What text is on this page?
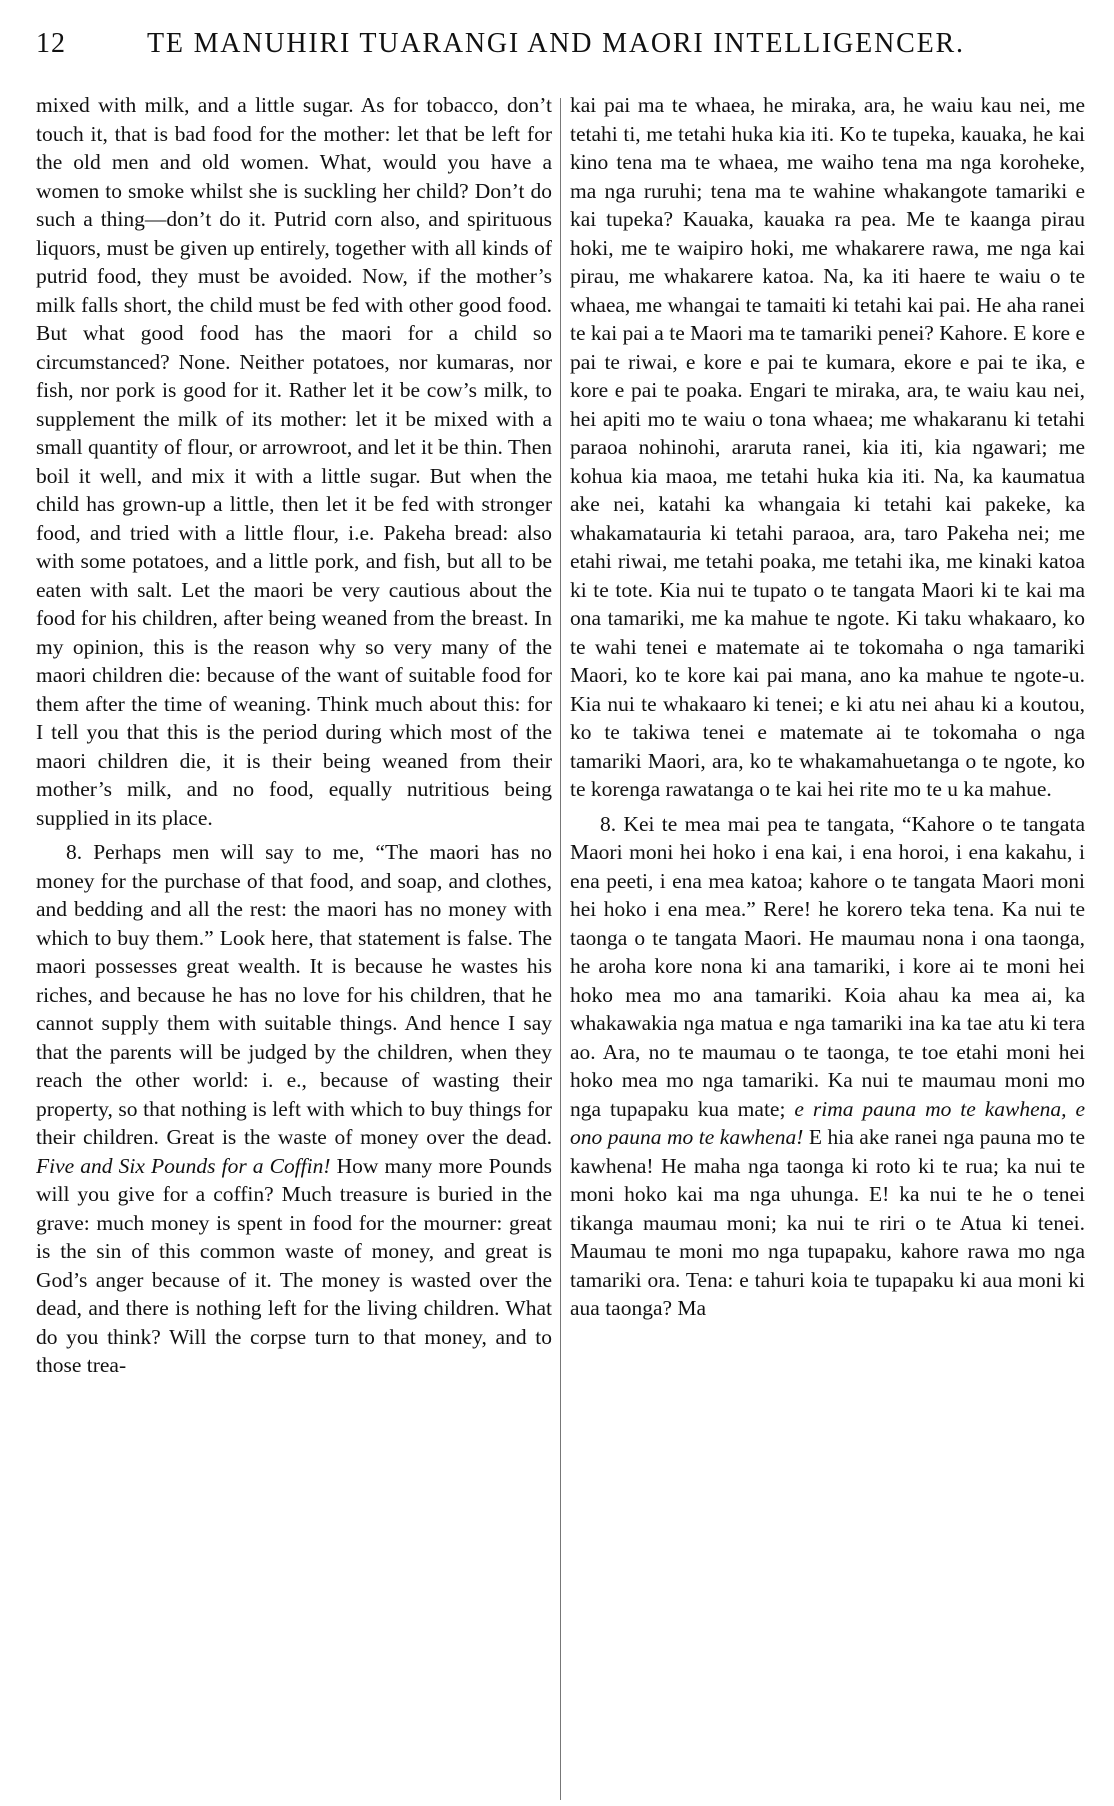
12	TE MANUHIRI TUARANGI AND MAORI INTELLIGENCER.

mixed with milk, and a little sugar. As for tobacco, don’t touch it, that is bad food for the mother: let that be left for the old men and old women. What, would you have a women to smoke whilst she is suckling her child? Don’t do such a thing—don’t do it. Putrid corn also, and spirituous liquors, must be given up entirely, together with all kinds of putrid food, they must be avoided. Now, if the mother’s milk falls short, the child must be fed with other good food. But what good food has the maori for a child so circumstanced? None. Neither potatoes, nor kumaras, nor fish, nor pork is good for it. Rather let it be cow’s milk, to supplement the milk of its mother: let it be mixed with a small quantity of flour, or arrowroot, and let it be thin. Then boil it well, and mix it with a little sugar. But when the child has grown-up a little, then let it be fed with stronger food, and tried with a little flour, i.e. Pakeha bread: also with some potatoes, and a little pork, and fish, but all to be eaten with salt. Let the maori be very cautious about the food for his children, after being weaned from the breast. In my opinion, this is the reason why so very many of the maori children die: because of the want of suitable food for them after the time of weaning. Think much about this: for I tell you that this is the period during which most of the maori children die, it is their being weaned from their mother’s milk, and no food, equally nutritious being supplied in its place.

8. Perhaps men will say to me, “The maori has no money for the purchase of that food, and soap, and clothes, and bedding and all the rest: the maori has no money with which to buy them.” Look here, that statement is false. The maori possesses great wealth. It is because he wastes his riches, and because he has no love for his children, that he cannot supply them with suitable things. And hence I say that the parents will be judged by the children, when they reach the other world: i. e., because of wasting their property, so that nothing is left with which to buy things for their children. Great is the waste of money over the dead. Five and Six Pounds for a Coffin! How many more Pounds will you give for a coffin? Much treasure is buried in the grave: much money is spent in food for the mourner: great is the sin of this common waste of money, and great is God’s anger because of it. The money is wasted over the dead, and there is nothing left for the living children. What do you think? Will the corpse turn to that money, and to those trea-

kai pai ma te whaea, he miraka, ara, he waiu kau nei, me tetahi ti, me tetahi huka kia iti. Ko te tupeka, kauaka, he kai kino tena ma te whaea, me waiho tena ma nga koroheke, ma nga ruruhi; tena ma te wahine whakangote tamariki e kai tupeka? Kauaka, kauaka ra pea. Me te kaanga pirau hoki, me te waipiro hoki, me whakarere rawa, me nga kai pirau, me whakarere katoa. Na, ka iti haere te waiu o te whaea, me whangai te tamaiti ki tetahi kai pai. He aha ranei te kai pai a te Maori ma te tamariki penei? Kahore. E kore e pai te riwai, e kore e pai te kumara, ekore e pai te ika, e kore e pai te poaka. Engari te miraka, ara, te waiu kau nei, hei apiti mo te waiu o tona whaea; me whakaranu ki tetahi paraoa nohinohi, araruta ranei, kia iti, kia ngawari; me kohua kia maoa, me tetahi huka kia iti. Na, ka kaumatua ake nei, katahi ka whangaia ki tetahi kai pakeke, ka whakamatauria ki tetahi paraoa, ara, taro Pakeha nei; me etahi riwai, me tetahi poaka, me tetahi ika, me kinaki katoa ki te tote. Kia nui te tupato o te tangata Maori ki te kai ma ona tamariki, me ka mahue te ngote. Ki taku whakaaro, ko te wahi tenei e matemate ai te tokomaha o nga tamariki Maori, ko te kore kai pai mana, ano ka mahue te ngote-u. Kia nui te whakaaro ki tenei; e ki atu nei ahau ki a koutou, ko te takiwa tenei e matemate ai te tokomaha o nga tamariki Maori, ara, ko te whakamahuetanga o te ngote, ko te korenga rawatanga o te kai hei rite mo te u ka mahue.

8. Kei te mea mai pea te tangata, “Kahore o te tangata Maori moni hei hoko i ena kai, i ena horoi, i ena kakahu, i ena peeti, i ena mea katoa; kahore o te tangata Maori moni hei hoko i ena mea.” Rere! he korero teka tena. Ka nui te taonga o te tangata Maori. He maumau nona i ona taonga, he aroha kore nona ki ana tamariki, i kore ai te moni hei hoko mea mo ana tamariki. Koia ahau ka mea ai, ka whakawakia nga matua e nga tamariki ina ka tae atu ki tera ao. Ara, no te maumau o te taonga, te toe etahi moni hei hoko mea mo nga tamariki. Ka nui te maumau moni mo nga tupapaku kua mate; e rima pauna mo te kawhena, e ono pauna mo te kawhena! E hia ake ranei nga pauna mo te kawhena! He maha nga taonga ki roto ki te rua; ka nui te moni hoko kai ma nga uhunga. E! ka nui te he o tenei tikanga maumau moni; ka nui te riri o te Atua ki tenei. Maumau te moni mo nga tupapaku, kahore rawa mo nga tamariki ora. Tena: e tahuri koia te tupapaku ki aua moni ki aua taonga? Ma
